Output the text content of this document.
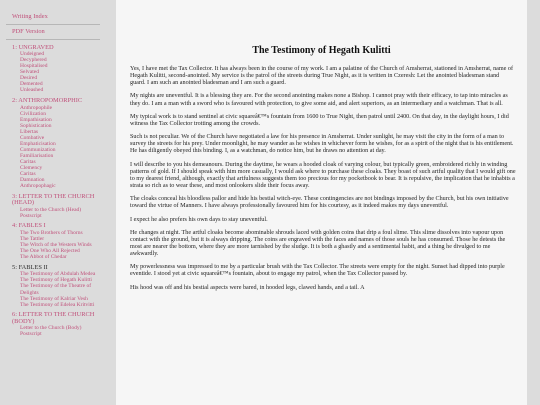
Writing Index
PDF Version
1: UNGRAVED
Undeigned
Decyphered
Hospitalised
Selvated
Desired
Demented
Unleashed
2: ANTHROPOMORPHIC
Anthropophile
Civilization
Empathisation
Sophistication
Libertas
Combative
Emphaticisation
Communization
Familiarisation
Caritas
Clemency
Caritas
Damnation
Anthropophagic
3: LETTER TO THE CHURCH (HEAD)
Letter to the Church (Head)
Postscript
4: FABLES I
The Two Brothers of Thorns
The Tattler
The Witch of the Western Winds
The One Who All Rejected
The Abbot of Chedar
5: FABLES II
The Testimony of Abdulah Medea
The Testimony of Hegath Kulitti
The Testimony of the Theatre of Delights
The Testimony of Kalriar Vesh
The Testimony of Edelea Kritvitti
6: LETTER TO THE CHURCH (BODY)
Letter to the Church (Body)
Postscript
The Testimony of Hegath Kulitti

Yes, I have met the Tax Collector. It has always been in the course of my work. I am a palatine of the Church of Amsherrat, stationed in Amsherrat, name of Hegath Kulitti, second-anointed. My service is the patrol of the streets during True Night, as it is written in Czeresh: Let the anointed bladesman stand guard. I am such an anointed bladesman and I am such a guard.

My nights are uneventful. It is a blessing they are. For the second anointing makes none a Bishop. I cannot pray with their efficacy, to tap into miracles as they do. I am a man with a sword who is favoured with protection, to give some aid, and alert superiors, as an intermediary and a watchman. That is all.

My typical work is to stand sentinel at civic squareâ€™s fountain from 1600 to True Night, then patrol until 2400. On that day, in the daylight hours, I did witness the Tax Collector trotting among the crowds.

Such is not peculiar. We of the Church have negotiated a law for his presence in Amsherrat. Under sunlight, he may visit the city in the form of a man to survey the streets for his prey. Under moonlight, he may wander as he wishes in whichever form he wishes, for as a spirit of the night that is his entitlement. He has diligently obeyed this binding. I, as a watchman, do notice him, but he draws no attention at day.

I will describe to you his demeanours. During the daytime, he wears a hooded cloak of varying colour, but typically green, embroidered richly in winding patterns of gold. If I should speak with him more casually, I would ask where to purchase these cloaks. They boast of such artful quality that I would gift one to my dearest friend, although, exactly that artfulness suggests them too precious for my pocketbook to bear. It is repulsive, the implication that he inhabits a strata so rich as to wear these, and most onlookers slide their focus away.

The cloaks conceal his bloodless pallor and hide his bestial witch-eye. These contingencies are not bindings imposed by the Church, but his own initiative toward the virtue of Manners. I have always professionally favoured him for his courtesy, as it indeed makes my days uneventful.

I expect he also prefers his own days to stay uneventful.

He changes at night. The artful cloaks become abominable shrouds laced with golden coins that drip a foul slime. This slime dissolves into vapour upon contact with the ground, but it is always dripping. The coins are engraved with the faces and names of those souls he has consumed. Those he detests the most are nearer the bottom, where they are more tarnished by the sludge. It is both a ghastly and a sentimental habit, and a thing he divulged to me awkwardly.

My powerlessness was impressed to me by a particular brush with the Tax Collector. The streets were empty for the night. Sunset had dipped into purple eventide. I stood yet at civic squareâ€™s fountain, about to engage my patrol, when the Tax Collector passed by.

His hood was off and his bestial aspects were bared, in hooded legs, clawed hands, and a tail. A
